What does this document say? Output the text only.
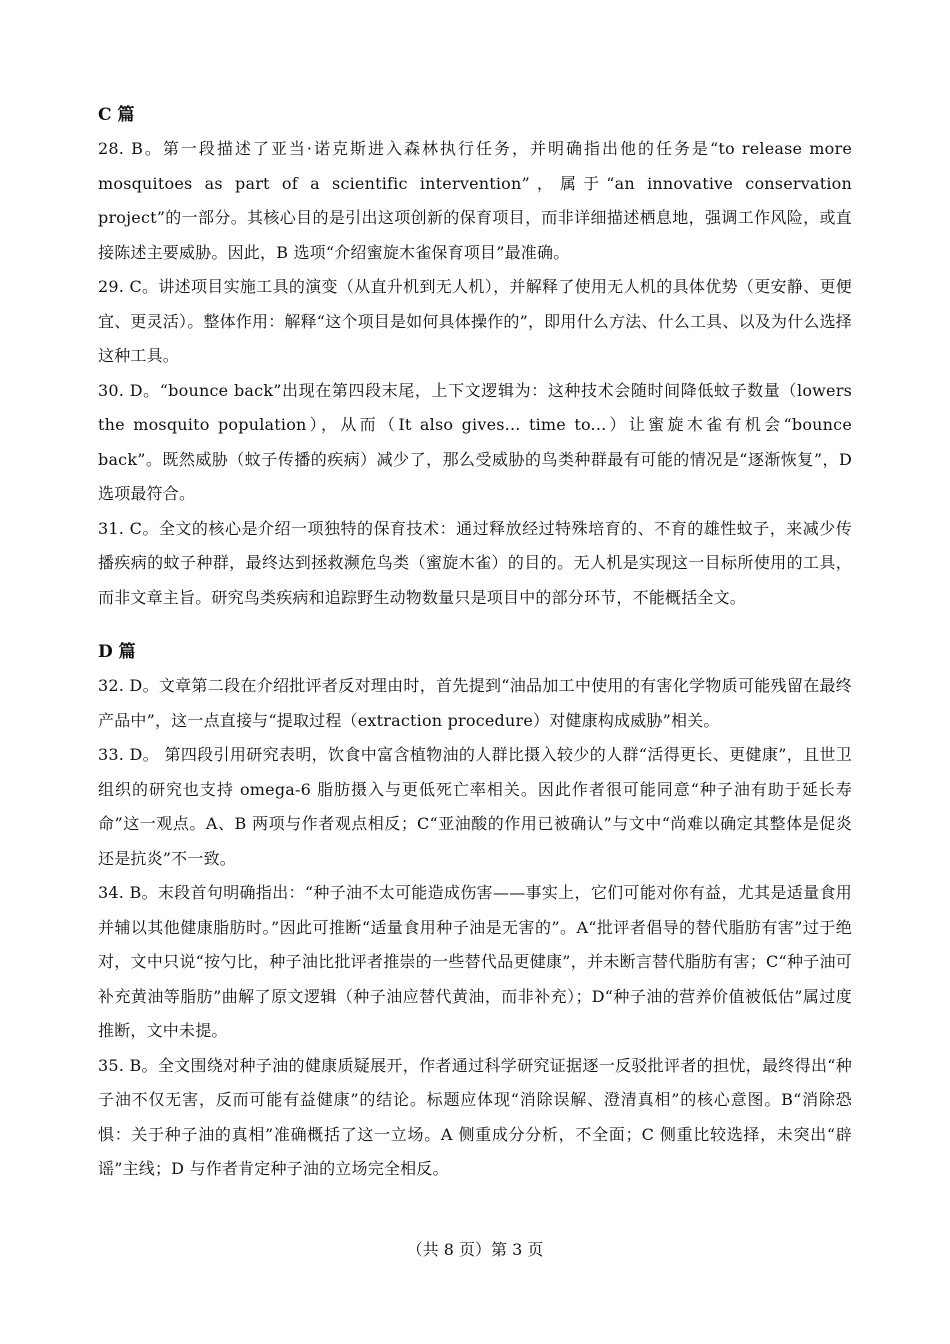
C 篇

28. B。第一段描述了亚当·诺克斯进入森林执行任务，并明确指出他的任务是“to release more mosquitoes as part of a scientific intervention”，属于“an innovative conservation project”的一部分。其核心目的是引出这项创新的保育项目，而非详细描述栖息地，强调工作风险，或直接陈述主要威胁。因此，B 选项“介绍蜜旋木雀保育项目”最准确。

29. C。讲述项目实施工具的演变（从直升机到无人机），并解释了使用无人机的具体优势（更安静、更便宜、更灵活）。整体作用：解释“这个项目是如何具体操作的”，即用什么方法、什么工具、以及为什么选择这种工具。

30. D。“bounce back”出现在第四段末尾，上下文逻辑为：这种技术会随时间降低蚊子数量（lowers the mosquito population），从而（It also gives... time to...）让蜜旋木雀有机会“bounce back”。既然威胁（蚊子传播的疾病）减少了，那么受威胁的鸟类种群最有可能的情况是“逐渐恢复”，D 选项最符合。

31. C。全文的核心是介绍一项独特的保育技术：通过释放经过特殊培育的、不育的雄性蚊子，来减少传播疾病的蚊子种群，最终达到拯救濒危鸟类（蜜旋木雀）的目的。无人机是实现这一目标所使用的工具，而非文章主旨。研究鸟类疾病和追踪野生动物数量只是项目中的部分环节，不能概括全文。

D 篇

32. D。文章第二段在介绍批评者反对理由时，首先提到“油品加工中使用的有害化学物质可能残留在最终产品中”，这一点直接与“提取过程（extraction procedure）对健康构成威胁”相关。

33. D。 第四段引用研究表明，饮食中富含植物油的人群比摄入较少的人群“活得更长、更健康”，且世卫组织的研究也支持 omega-6 脂肪摄入与更低死亡率相关。因此作者很可能同意“种子油有助于延长寿命”这一观点。A、B 两项与作者观点相反；C“亚油酸的作用已被确认”与文中“尚难以确定其整体是促炎还是抗炎”不一致。

34. B。末段首句明确指出：“种子油不太可能造成伤害——事实上，它们可能对你有益，尤其是适量食用并辅以其他健康脂肪时。”因此可推断“适量食用种子油是无害的”。A“批评者倡导的替代脂肪有害”过于绝对，文中只说“按勺比，种子油比批评者推崇的一些替代品更健康”，并未断言替代脂肪有害；C“种子油可补充黄油等脂肪”曲解了原文逻辑（种子油应替代黄油，而非补充）；D“种子油的营养价值被低估”属过度推断，文中未提。

35. B。全文围绕对种子油的健康质疑展开，作者通过科学研究证据逐一反驳批评者的担忧，最终得出“种子油不仅无害，反而可能有益健康”的结论。标题应体现“消除误解、澄清真相”的核心意图。B“消除恐惧：关于种子油的真相”准确概括了这一立场。A 侧重成分分析，不全面；C 侧重比较选择，未突出“辟谣”主线；D 与作者肯定种子油的立场完全相反。

（共 8 页）第 3 页
